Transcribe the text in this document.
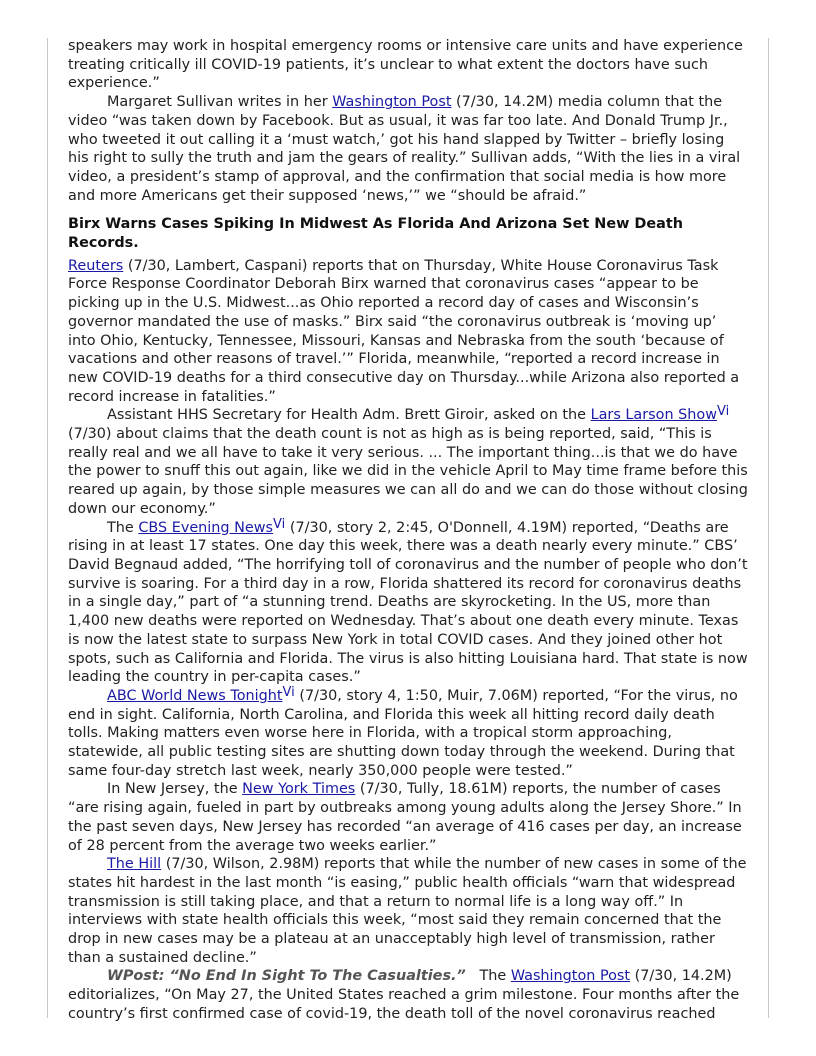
speakers may work in hospital emergency rooms or intensive care units and have experience treating critically ill COVID-19 patients, it’s unclear to what extent the doctors have such experience.”

Margaret Sullivan writes in her Washington Post (7/30, 14.2M) media column that the video “was taken down by Facebook. But as usual, it was far too late. And Donald Trump Jr., who tweeted it out calling it a ‘must watch,’ got his hand slapped by Twitter – briefly losing his right to sully the truth and jam the gears of reality.” Sullivan adds, “With the lies in a viral video, a president’s stamp of approval, and the confirmation that social media is how more and more Americans get their supposed ‘news,’” we “should be afraid.”

Birx Warns Cases Spiking In Midwest As Florida And Arizona Set New Death Records.

Reuters (7/30, Lambert, Caspani) reports that on Thursday, White House Coronavirus Task Force Response Coordinator Deborah Birx warned that coronavirus cases “appear to be picking up in the U.S. Midwest...as Ohio reported a record day of cases and Wisconsin’s governor mandated the use of masks.” Birx said “the coronavirus outbreak is ‘moving up’ into Ohio, Kentucky, Tennessee, Missouri, Kansas and Nebraska from the south ‘because of vacations and other reasons of travel.’” Florida, meanwhile, “reported a record increase in new COVID-19 deaths for a third consecutive day on Thursday...while Arizona also reported a record increase in fatalities.”

Assistant HHS Secretary for Health Adm. Brett Giroir, asked on the Lars Larson Show$^{Vi}$ (7/30) about claims that the death count is not as high as is being reported, said, “This is really real and we all have to take it very serious. ... The important thing...is that we do have the power to snuff this out again, like we did in the vehicle April to May time frame before this reared up again, by those simple measures we can all do and we can do those without closing down our economy.”

The CBS Evening News$^{Vi}$ (7/30, story 2, 2:45, O'Donnell, 4.19M) reported, “Deaths are rising in at least 17 states. One day this week, there was a death nearly every minute.” CBS’ David Begnaud added, “The horrifying toll of coronavirus and the number of people who don’t survive is soaring. For a third day in a row, Florida shattered its record for coronavirus deaths in a single day,” part of “a stunning trend. Deaths are skyrocketing. In the US, more than 1,400 new deaths were reported on Wednesday. That’s about one death every minute. Texas is now the latest state to surpass New York in total COVID cases. And they joined other hot spots, such as California and Florida. The virus is also hitting Louisiana hard. That state is now leading the country in per-capita cases.”

ABC World News Tonight$^{Vi}$ (7/30, story 4, 1:50, Muir, 7.06M) reported, “For the virus, no end in sight. California, North Carolina, and Florida this week all hitting record daily death tolls. Making matters even worse here in Florida, with a tropical storm approaching, statewide, all public testing sites are shutting down today through the weekend. During that same four-day stretch last week, nearly 350,000 people were tested.”

In New Jersey, the New York Times (7/30, Tully, 18.61M) reports, the number of cases “are rising again, fueled in part by outbreaks among young adults along the Jersey Shore.” In the past seven days, New Jersey has recorded “an average of 416 cases per day, an increase of 28 percent from the average two weeks earlier.”

The Hill (7/30, Wilson, 2.98M) reports that while the number of new cases in some of the states hit hardest in the last month “is easing,” public health officials “warn that widespread transmission is still taking place, and that a return to normal life is a long way off.” In interviews with state health officials this week, “most said they remain concerned that the drop in new cases may be a plateau at an unacceptably high level of transmission, rather than a sustained decline.”

WPost: “No End In Sight To The Casualties.”   The Washington Post (7/30, 14.2M) editorializes, “On May 27, the United States reached a grim milestone. Four months after the country’s first confirmed case of covid-19, the death toll of the novel coronavirus reached
